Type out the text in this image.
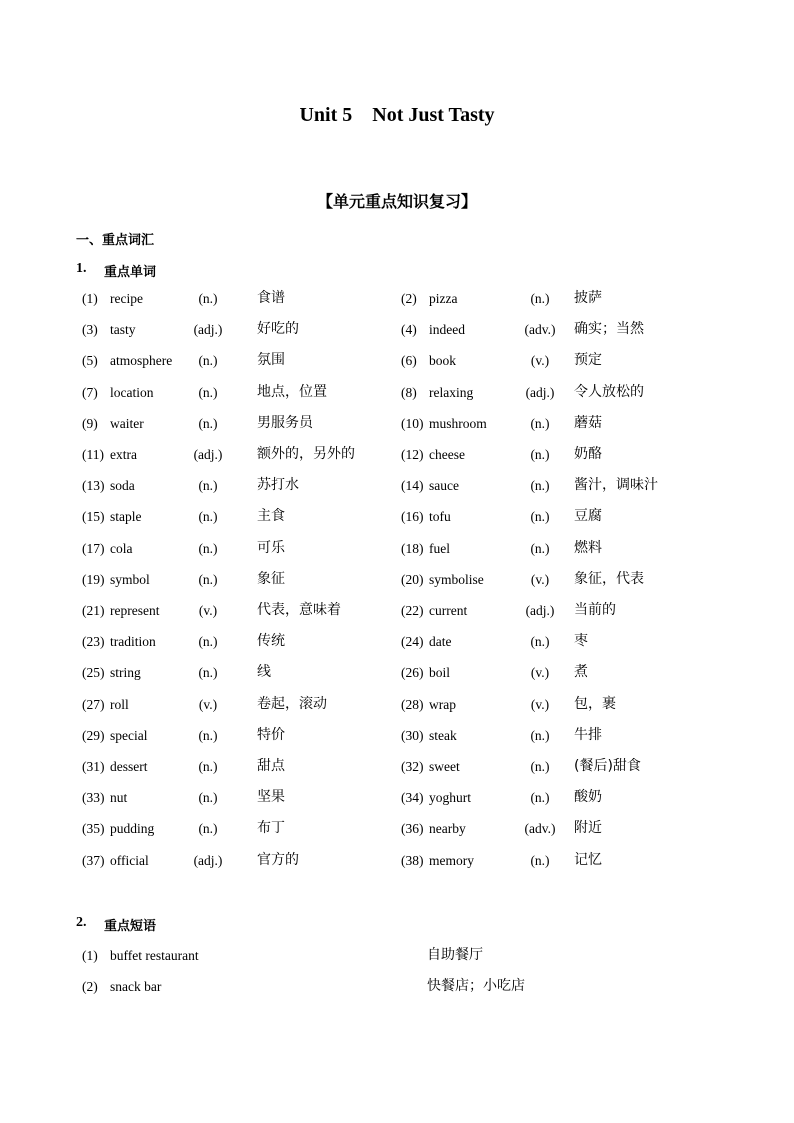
Unit 5    Not Just Tasty
【单元重点知识复习】
一、重点词汇
1.	重点单词
(1) recipe	(n.)	食谱	(2) pizza	(n.)	披萨
(3) tasty	(adj.)	好吃的	(4) indeed	(adv.)	确实；当然
(5) atmosphere	(n.)	氛围	(6) book	(v.)	预定
(7) location	(n.)	地点，位置	(8) relaxing	(adj.)	令人放松的
(9) waiter	(n.)	男服务员	(10) mushroom	(n.)	蘑菇
(11) extra	(adj.)	额外的，另外的	(12) cheese	(n.)	奶酪
(13) soda	(n.)	苏打水	(14) sauce	(n.)	酱汁，调味汁
(15) staple	(n.)	主食	(16) tofu	(n.)	豆腐
(17) cola	(n.)	可乐	(18) fuel	(n.)	燃料
(19) symbol	(n.)	象征	(20) symbolise	(v.)	象征，代表
(21) represent	(v.)	代表，意味着	(22) current	(adj.)	当前的
(23) tradition	(n.)	传统	(24) date	(n.)	枣
(25) string	(n.)	线	(26) boil	(v.)	煮
(27) roll	(v.)	卷起，滚动	(28) wrap	(v.)	包，裹
(29) special	(n.)	特价	(30) steak	(n.)	牛排
(31) dessert	(n.)	甜点	(32) sweet	(n.)	(餐后)甜食
(33) nut	(n.)	坚果	(34) yoghurt	(n.)	酸奶
(35) pudding	(n.)	布丁	(36) nearby	(adv.)	附近
(37) official	(adj.)	官方的	(38) memory	(n.)	记忆
2.	重点短语
(1) buffet restaurant	自助餐厅
(2) snack bar	快餐店；小吃店
